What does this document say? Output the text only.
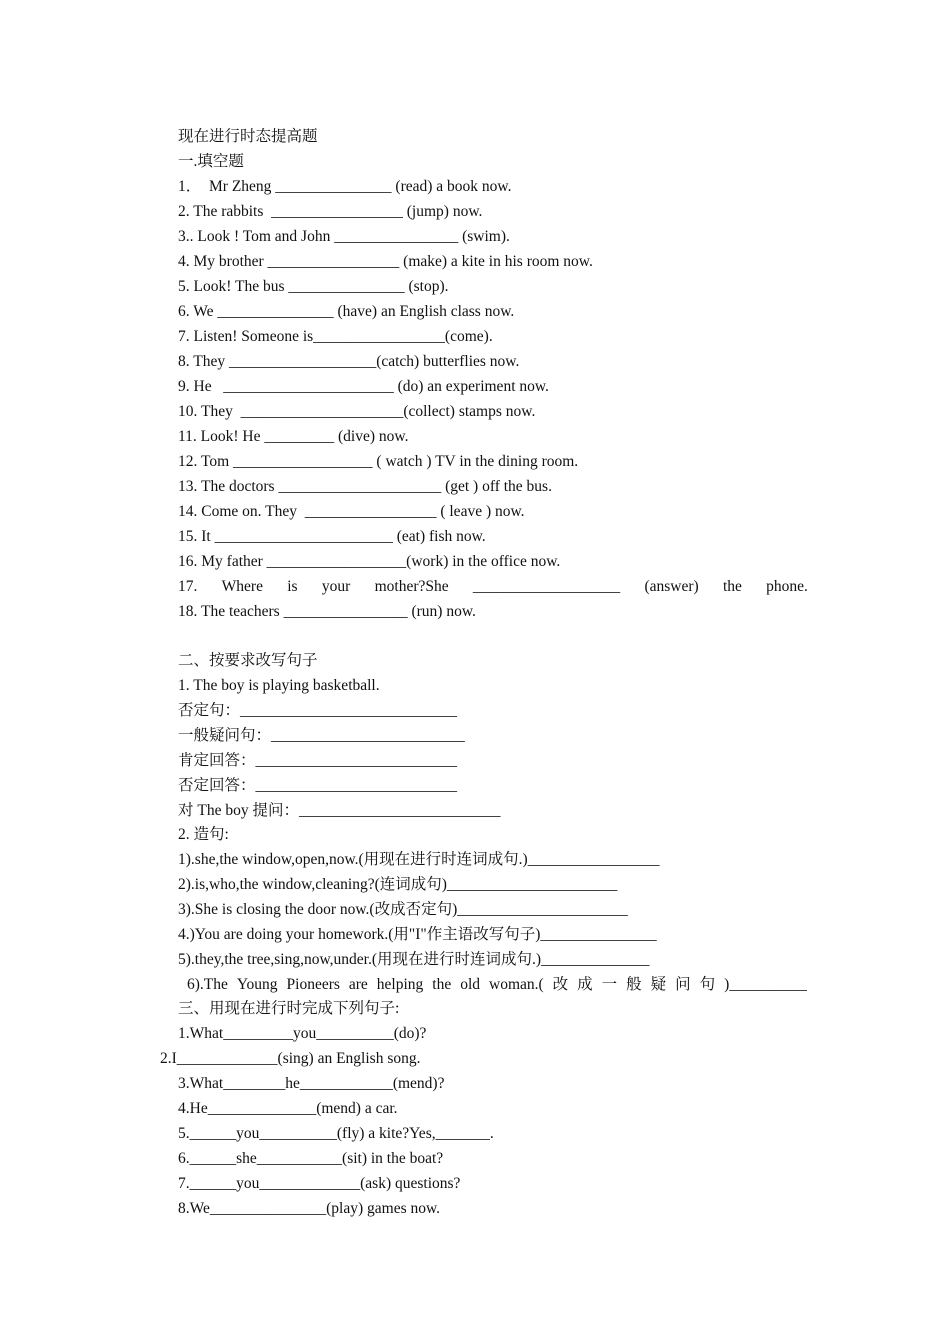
现在进行时态提高题
一.填空题
1．  Mr Zheng _______________ (read) a book now.
2. The rabbits  _________________ (jump) now.
3.. Look ! Tom and John ________________ (swim).
4. My brother _________________ (make) a kite in his room now.
5. Look! The bus _______________ (stop).
6. We _______________ (have) an English class now.
7. Listen! Someone is_________________(come).
8. They ___________________(catch) butterflies now.
9. He   ______________________ (do) an experiment now.
10. They  _____________________(collect) stamps now.
11. Look! He _________ (dive) now.
12. Tom __________________ ( watch ) TV in the dining room.
13. The doctors _____________________ (get ) off the bus.
14. Come on. They  _________________ ( leave ) now.
15. It _______________________ (eat) fish now.
16. My father __________________(work) in the office now.
17. Where is your mother?She ___________________ (answer) the phone.
18. The teachers ________________ (run) now.
二、按要求改写句子
1. The boy is playing basketball.
否定句：____________________________
一般疑问句：_________________________
肯定回答：__________________________
否定回答：__________________________
对 The boy 提问：__________________________
2. 造句:
1).she,the window,open,now.(用现在进行时连词成句.)_________________
2).is,who,the window,cleaning?(连词成句)______________________
3).She is closing the door now.(改成否定句)______________________
4.)You are doing your homework.(用"I"作主语改写句子)_______________
5).they,the tree,sing,now,under.(用现在进行时连词成句.)______________
6).The Young Pioneers are helping the old woman.( 改 成 一 般 疑 问 句 )__________
三、用现在进行时完成下列句子:
1.What_________you__________(do)?
2.I_____________(sing) an English song.
3.What________he____________(mend)?
4.He______________(mend) a car.
5.______you__________(fly) a kite?Yes,_______.
6.______she___________(sit) in the boat?
7.______you_____________(ask) questions?
8.We_______________(play) games now.
